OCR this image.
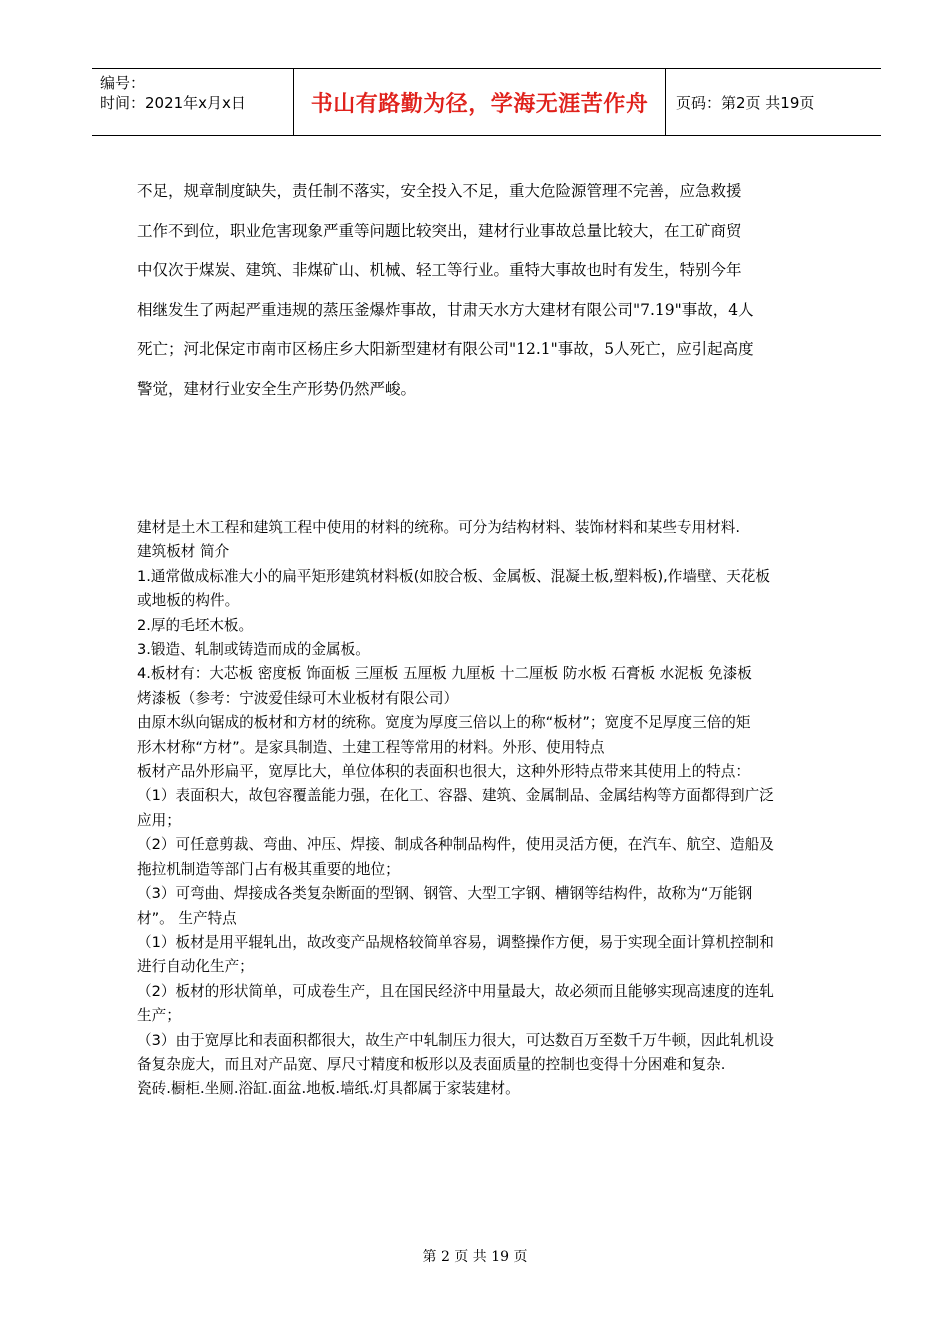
编号：
时间：2021年x月x日	书山有路勤为径，学海无涯苦作舟 页码：第2页 共19页

不足，规章制度缺失，责任制不落实，安全投入不足，重大危险源管理不完善，应急救援

工作不到位，职业危害现象严重等问题比较突出，建材行业事故总量比较大，在工矿商贸

中仅次于煤炭、建筑、非煤矿山、机械、轻工等行业。重特大事故也时有发生，特别今年

相继发生了两起严重违规的蒸压釜爆炸事故，甘肃天水方大建材有限公司"7.19"事故，4人

死亡；河北保定市南市区杨庄乡大阳新型建材有限公司"12.1"事故，5人死亡，应引起高度

警觉，建材行业安全生产形势仍然严峻。

建材是土木工程和建筑工程中使用的材料的统称。可分为结构材料、装饰材料和某些专用材料.

建筑板材 简介

1.通常做成标准大小的扁平矩形建筑材料板(如胶合板、金属板、混凝土板,塑料板),作墙壁、天花板

或地板的构件。

2.厚的毛坯木板。

3.锻造、轧制或铸造而成的金属板。

4.板材有：大芯板 密度板 饰面板 三厘板 五厘板 九厘板 十二厘板 防水板 石膏板 水泥板 免漆板

烤漆板（参考：宁波爱佳绿可木业板材有限公司）

由原木纵向锯成的板材和方材的统称。宽度为厚度三倍以上的称“板材”；宽度不足厚度三倍的矩

形木材称“方材”。是家具制造、土建工程等常用的材料。外形、使用特点

板材产品外形扁平，宽厚比大，单位体积的表面积也很大，这种外形特点带来其使用上的特点：

（1）表面积大，故包容覆盖能力强，在化工、容器、建筑、金属制品、金属结构等方面都得到广泛

应用；

（2）可任意剪裁、弯曲、冲压、焊接、制成各种制品构件，使用灵活方便，在汽车、航空、造船及

拖拉机制造等部门占有极其重要的地位；

（3）可弯曲、焊接成各类复杂断面的型钢、钢管、大型工字钢、槽钢等结构件，故称为“万能钢

材”。 生产特点

（1）板材是用平辊轧出，故改变产品规格较简单容易，调整操作方便，易于实现全面计算机控制和

进行自动化生产；

（2）板材的形状简单，可成卷生产，且在国民经济中用量最大，故必须而且能够实现高速度的连轧

生产；

（3）由于宽厚比和表面积都很大，故生产中轧制压力很大，可达数百万至数千万牛顿，因此轧机设

备复杂庞大，而且对产品宽、厚尺寸精度和板形以及表面质量的控制也变得十分困难和复杂.

瓷砖.橱柜.坐厕.浴缸.面盆.地板.墙纸.灯具都属于家装建材。

第 2 页 共 19 页
